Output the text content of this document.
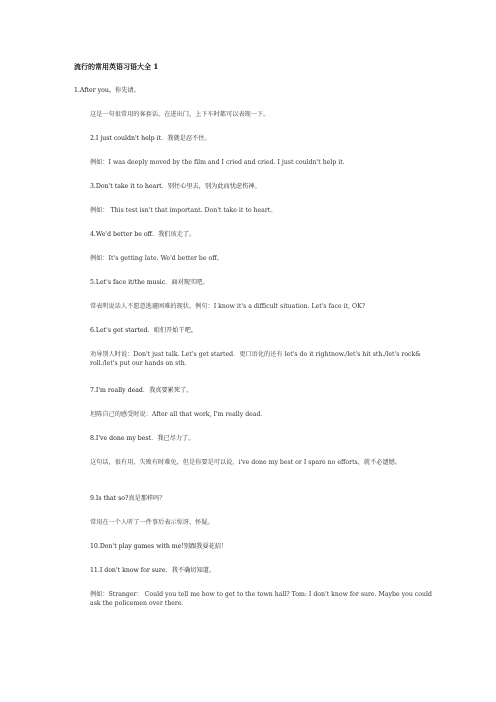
流行的常用英语习语大全 1
1.After you。你先请。
这是一句很常用的客套话，在进出门，上下车时都可以表现一下。
2.I just couldn't help it．我就是忍不住。
例如：I was deeply moved by the film and I cried and cried. I just couldn't help it．
3.Don't take it to heart．别往心里去，别为此而忧虑伤神。
例如： This test isn't that important. Don't take it to heart。
4.We'd better be off．我们该走了。
例如：It's getting late. We'd better be off。
5.Let's face it/the music．面对现实吧。
常表明说话人不愿意逃避困难的现状。例句：I know it's a difficult situation. Let's face it, OK?
6.Let's get started．咱们开始干吧。
劝导别人时说：Don't just talk. Let's get started．更口语化的还有 let's do it rightnow./let's hit sth./let's rock& roll./let's put our hands on sth．
7.I'm really dead．我真要累死了。
坦陈自己的感受时说：After all that work, I'm really dead．
8.I've done my best．我已尽力了。
这句话，很有用，失败有时难免，但是你要是可以说，i've done my best or I spare no efforts，就不必遗憾。
9.Is that so?真是那样吗？
常用在一个人听了一件事后表示惊讶、怀疑。
10.Don't play games with me!别跟我耍花招！
11.I don't know for sure．我不确切知道。
例如：Stranger： Could you tell me how to get to the town hall? Tom: I don't know for sure. Maybe you could ask the policemen over there．
